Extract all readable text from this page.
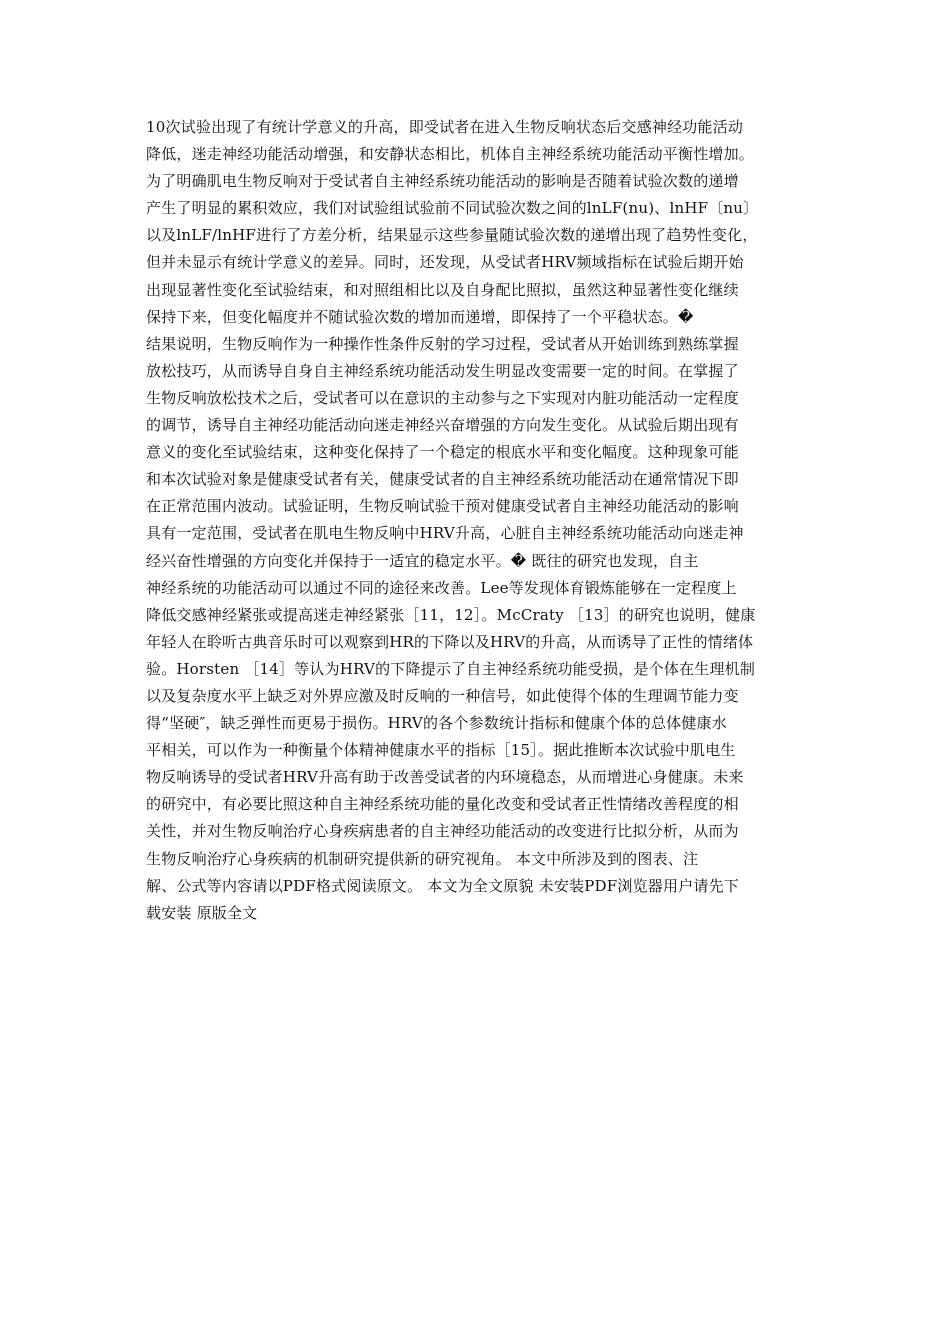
10次试验出现了有统计学意义的升高，即受试者在进入生物反响状态后交感神经功能活动
降低，迷走神经功能活动增强，和安静状态相比，机体自主神经系统功能活动平衡性增加。
为了明确肌电生物反响对于受试者自主神经系统功能活动的影响是否随着试验次数的递增
产生了明显的累积效应，我们对试验组试验前不同试验次数之间的lnLF(nu)、lnHF〔nu〕
以及lnLF/lnHF进行了方差分析，结果显示这些参量随试验次数的递增出现了趋势性变化，
但并未显示有统计学意义的差异。同时，还发现，从受试者HRV频域指标在试验后期开始
出现显著性变化至试验结束，和对照组相比以及自身配比照拟，虽然这种显著性变化继续
保持下来，但变化幅度并不随试验次数的增加而递增，即保持了一个平稳状态。�
结果说明，生物反响作为一种操作性条件反射的学习过程，受试者从开始训练到熟练掌握
放松技巧，从而诱导自身自主神经系统功能活动发生明显改变需要一定的时间。在掌握了
生物反响放松技术之后，受试者可以在意识的主动参与之下实现对内脏功能活动一定程度
的调节，诱导自主神经功能活动向迷走神经兴奋增强的方向发生变化。从试验后期出现有
意义的变化至试验结束，这种变化保持了一个稳定的根底水平和变化幅度。这种现象可能
和本次试验对象是健康受试者有关，健康受试者的自主神经系统功能活动在通常情况下即
在正常范围内波动。试验证明，生物反响试验干预对健康受试者自主神经功能活动的影响
具有一定范围，受试者在肌电生物反响中HRV升高，心脏自主神经系统功能活动向迷走神
经兴奋性增强的方向变化并保持于一适宜的稳定水平。� 既往的研究也发现，自主
神经系统的功能活动可以通过不同的途径来改善。Lee等发现体育锻炼能够在一定程度上
降低交感神经紧张或提高迷走神经紧张［11，12］。McCraty ［13］的研究也说明，健康
年轻人在聆听古典音乐时可以观察到HR的下降以及HRV的升高，从而诱导了正性的情绪体
验。Horsten ［14］等认为HRV的下降提示了自主神经系统功能受损，是个体在生理机制
以及复杂度水平上缺乏对外界应激及时反响的一种信号，如此使得个体的生理调节能力变
得“坚硬″，缺乏弹性而更易于损伤。HRV的各个参数统计指标和健康个体的总体健康水
平相关，可以作为一种衡量个体精神健康水平的指标［15］。据此推断本次试验中肌电生
物反响诱导的受试者HRV升高有助于改善受试者的内环境稳态，从而增进心身健康。未来
的研究中，有必要比照这种自主神经系统功能的量化改变和受试者正性情绪改善程度的相
关性，并对生物反响治疗心身疾病患者的自主神经功能活动的改变进行比拟分析，从而为
生物反响治疗心身疾病的机制研究提供新的研究视角。 本文中所涉及到的图表、注
解、公式等内容请以PDF格式阅读原文。 本文为全文原貌 未安装PDF浏览器用户请先下
载安装 原版全文
